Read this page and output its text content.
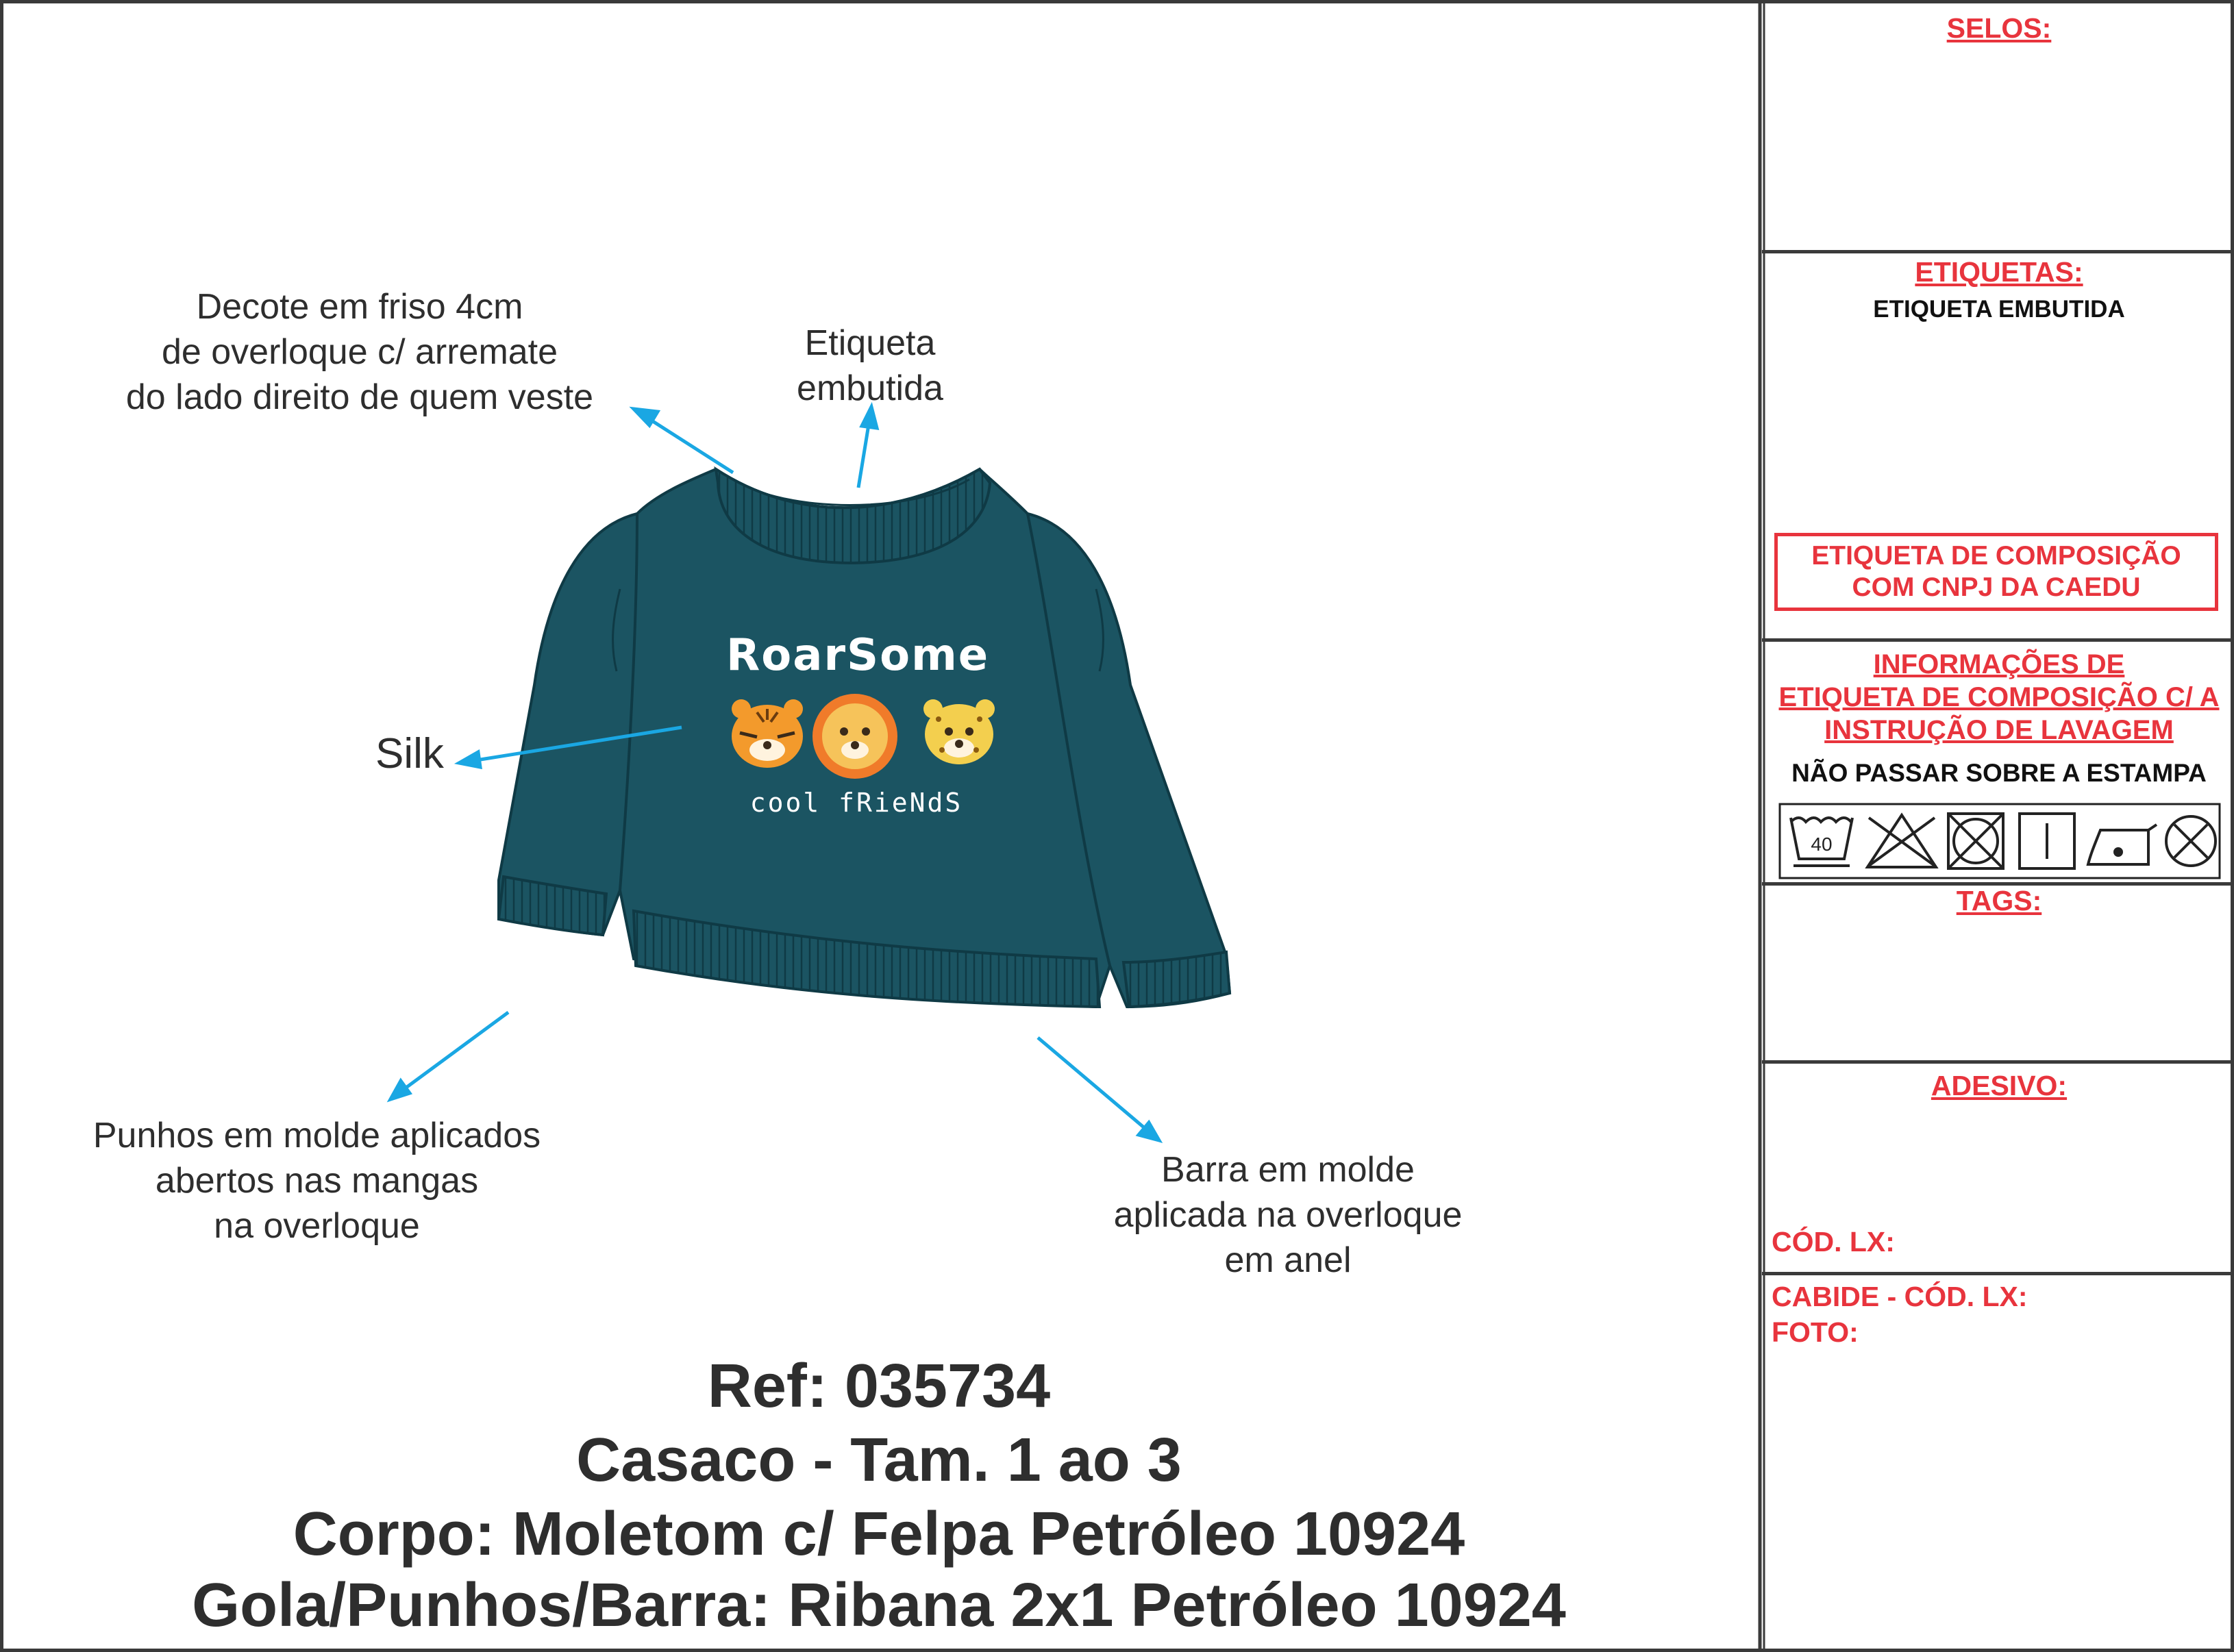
RoarSome
cool fRieNdS
Decote em friso 4cm
de overloque c/ arremate
do lado direito de quem veste
Etiqueta
embutida
Silk
Punhos em molde aplicados
abertos nas mangas
na overloque
Barra em molde
aplicada na overloque
em anel
Ref: 035734
Casaco - Tam. 1 ao 3
Corpo: Moletom c/ Felpa Petróleo 10924
Gola/Punhos/Barra: Ribana 2x1 Petróleo 10924
SELOS:
ETIQUETAS:
ETIQUETA EMBUTIDA
ETIQUETA DE COMPOSIÇÃO
COM CNPJ DA CAEDU
INFORMAÇÕES DE
ETIQUETA DE COMPOSIÇÃO C/ A
INSTRUÇÃO DE LAVAGEM
NÃO PASSAR SOBRE A ESTAMPA
40
TAGS:
ADESIVO:
CÓD. LX:
CABIDE - CÓD. LX:
FOTO:
